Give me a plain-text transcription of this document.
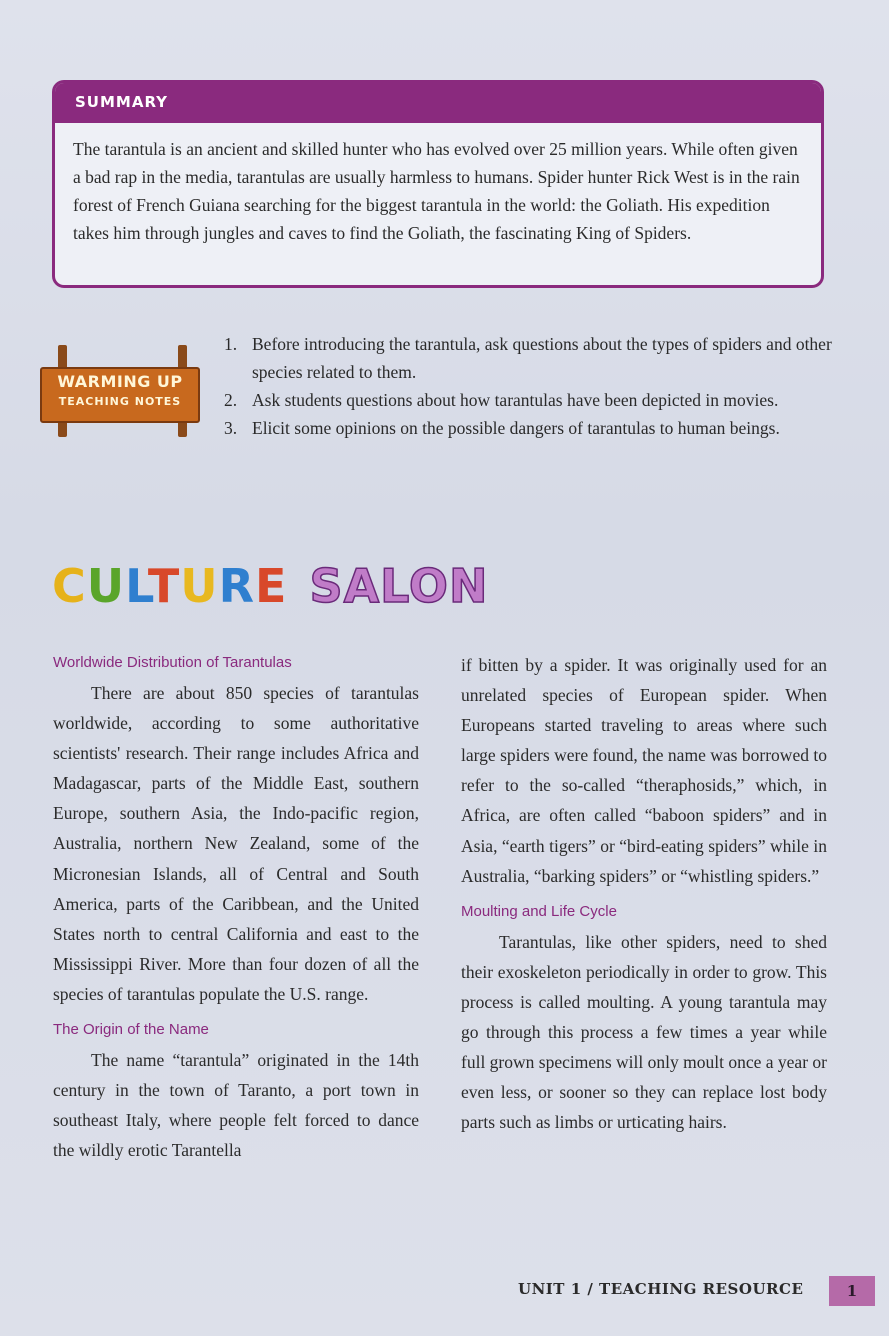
SUMMARY

The tarantula is an ancient and skilled hunter who has evolved over 25 million years. While often given a bad rap in the media, tarantulas are usually harmless to humans. Spider hunter Rick West is in the rain forest of French Guiana searching for the biggest tarantula in the world: the Goliath. His expedition takes him through jungles and caves to find the Goliath, the fascinating King of Spiders.

WARMING UP
TEACHING NOTES
1. Before introducing the tarantula, ask questions about the types of spiders and other species related to them.
2. Ask students questions about how tarantulas have been depicted in movies.
3. Elicit some opinions on the possible dangers of tarantulas to human beings.
CULTURE SALON
Worldwide Distribution of Tarantulas

There are about 850 species of tarantulas worldwide, according to some authoritative scientists' research. Their range includes Africa and Madagascar, parts of the Middle East, southern Europe, southern Asia, the Indo-pacific region, Australia, northern New Zealand, some of the Micronesian Islands, all of Central and South America, parts of the Caribbean, and the United States north to central California and east to the Mississippi River. More than four dozen of all the species of tarantulas populate the U.S. range.

The Origin of the Name

The name “tarantula” originated in the 14th century in the town of Taranto, a port town in southeast Italy, where people felt forced to dance the wildly erotic Tarantella

if bitten by a spider. It was originally used for an unrelated species of European spider. When Europeans started traveling to areas where such large spiders were found, the name was borrowed to refer to the so-called “theraphosids,” which, in Africa, are often called “baboon spiders” and in Asia, “earth tigers” or “bird-eating spiders” while in Australia, “barking spiders” or “whistling spiders.”

Moulting and Life Cycle

Tarantulas, like other spiders, need to shed their exoskeleton periodically in order to grow. This process is called moulting. A young tarantula may go through this process a few times a year while full grown specimens will only moult once a year or even less, or sooner so they can replace lost body parts such as limbs or urticating hairs.

UNIT 1 / TEACHING RESOURCE	1
